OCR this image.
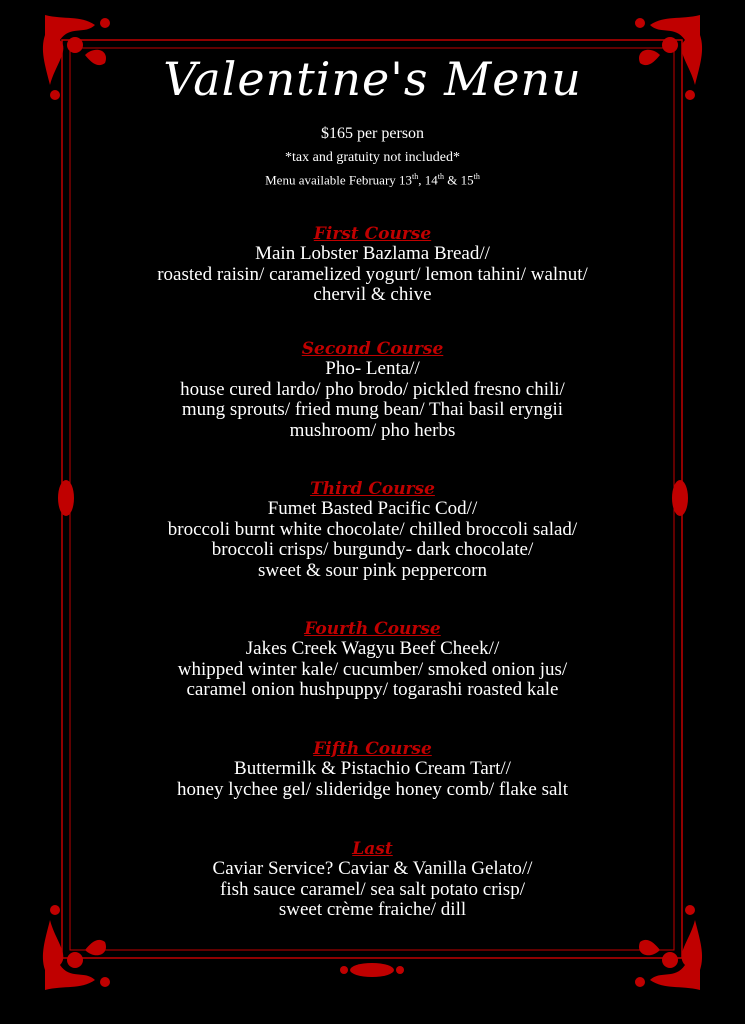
Valentine's Menu
$165 per person
*tax and gratuity not included*
Menu available February 13th, 14th & 15th
First Course
Main Lobster Bazlama Bread//
roasted raisin/ caramelized yogurt/ lemon tahini/ walnut/
chervil & chive
Second Course
Pho- Lenta//
house cured lardo/ pho brodo/ pickled fresno chili/
mung sprouts/ fried mung bean/ Thai basil eryngii
mushroom/ pho herbs
Third Course
Fumet Basted Pacific Cod//
broccoli burnt white chocolate/ chilled broccoli salad/
broccoli crisps/ burgundy- dark chocolate/
sweet & sour pink peppercorn
Fourth Course
Jakes Creek Wagyu Beef Cheek//
whipped winter kale/ cucumber/ smoked onion jus/
caramel onion hushpuppy/ togarashi roasted kale
Fifth Course
Buttermilk & Pistachio Cream Tart//
honey lychee gel/ slideridge honey comb/ flake salt
Last
Caviar Service? Caviar & Vanilla Gelato//
fish sauce caramel/ sea salt potato crisp/
sweet crème fraiche/ dill
